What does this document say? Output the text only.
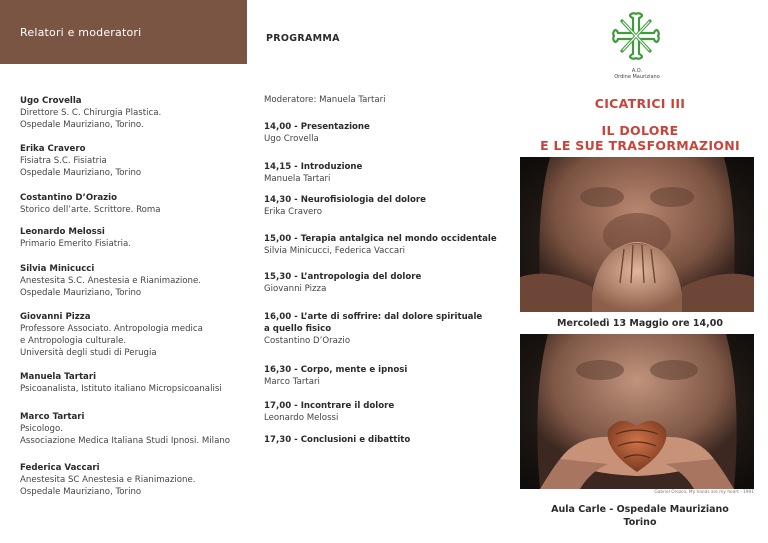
Relatori e moderatori
Ugo Crovella
Direttore S. C. Chirurgia Plastica.
Ospedale Mauriziano, Torino.
Erika Cravero
Fisiatra S.C. Fisiatria
Ospedale Mauriziano, Torino
Costantino D’Orazio
Storico dell’arte. Scrittore. Roma
Leonardo Melossi
Primario Emerito Fisiatria.
Silvia Minicucci
Anestesita S.C. Anestesia e Rianimazione.
Ospedale Mauriziano, Torino
Giovanni Pizza
Professore Associato. Antropologia medica
e Antropologia culturale.
Università degli studi di Perugia
Manuela Tartari
Psicoanalista, Istituto italiano Micropsicoanalisi
Marco Tartari
Psicologo.
Associazione Medica Italiana Studi Ipnosi. Milano
Federica Vaccari
Anestesita SC Anestesia e Rianimazione.
Ospedale Mauriziano, Torino
PROGRAMMA
Moderatore: Manuela Tartari
14,00 - Presentazione
Ugo Crovella
14,15 - Introduzione
Manuela Tartari
14,30 - Neurofisiologia del dolore
Erika Cravero
15,00 - Terapia antalgica nel mondo occidentale
Silvia Minicucci, Federica Vaccari
15,30 - L’antropologia del dolore
Giovanni Pizza
16,00 - L’arte di soffrire: dal dolore spirituale
a quello fisico
Costantino D’Orazio
16,30 - Corpo, mente e ipnosi
Marco Tartari
17,00 - Incontrare il dolore
Leonardo Melossi
17,30 - Conclusioni e dibattito
A.O.
Ordine Mauriziano
CICATRICI III
IL DOLORE
E LE SUE TRASFORMAZIONI
Mercoledì 13 Maggio ore 14,00
Gabriel Orozco, My hands are my heart - 1991
Aula Carle - Ospedale Mauriziano
Torino
